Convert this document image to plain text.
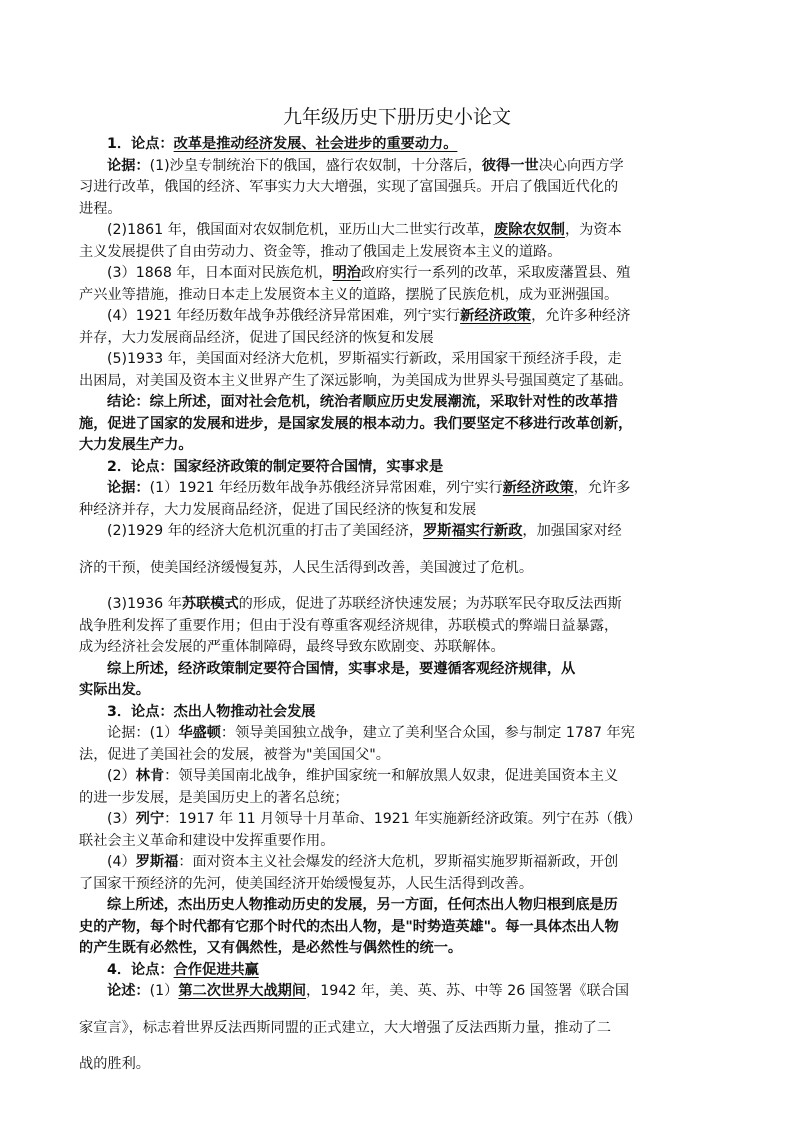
九年级历史下册历史小论文
1．论点：改革是推动经济发展、社会进步的重要动力。
论据：(1)沙皇专制统治下的俄国，盛行农奴制，十分落后，彼得一世决心向西方学
习进行改革，俄国的经济、军事实力大大增强，实现了富国强兵。开启了俄国近代化的
进程。
(2)1861 年，俄国面对农奴制危机，亚历山大二世实行改革，废除农奴制，为资本
主义发展提供了自由劳动力、资金等，推动了俄国走上发展资本主义的道路。
(3）1868 年，日本面对民族危机，明治政府实行一系列的改革，采取废藩置县、殖
产兴业等措施，推动日本走上发展资本主义的道路，摆脱了民族危机，成为亚洲强国。
(4）1921 年经历数年战争苏俄经济异常困难，列宁实行新经济政策，允许多种经济
并存，大力发展商品经济，促进了国民经济的恢复和发展
(5)1933 年，美国面对经济大危机，罗斯福实行新政，采用国家干预经济手段，走
出困局，对美国及资本主义世界产生了深远影响，为美国成为世界头号强国奠定了基础。
结论：综上所述，面对社会危机，统治者顺应历史发展潮流，采取针对性的改革措
施，促进了国家的发展和进步，是国家发展的根本动力。我们要坚定不移进行改革创新，
大力发展生产力。
2．论点：国家经济政策的制定要符合国情，实事求是
论据：(1）1921 年经历数年战争苏俄经济异常困难，列宁实行新经济政策，允许多
种经济并存，大力发展商品经济，促进了国民经济的恢复和发展
(2)1929 年的经济大危机沉重的打击了美国经济，罗斯福实行新政，加强国家对经
济的干预，使美国经济缓慢复苏，人民生活得到改善，美国渡过了危机。
(3)1936 年苏联模式的形成，促进了苏联经济快速发展；为苏联军民夺取反法西斯
战争胜利发挥了重要作用；但由于没有尊重客观经济规律，苏联模式的弊端日益暴露，
成为经济社会发展的严重体制障碍，最终导致东欧剧变、苏联解体。
综上所述，经济政策制定要符合国情，实事求是，要遵循客观经济规律，从
实际出发。
3．论点：杰出人物推动社会发展
论据：(1）华盛顿：领导美国独立战争，建立了美利坚合众国，参与制定 1787 年宪
法，促进了美国社会的发展，被誉为"美国国父"。
(2）林肯：领导美国南北战争，维护国家统一和解放黑人奴隶，促进美国资本主义
的进一步发展，是美国历史上的著名总统；
(3）列宁：1917 年 11 月领导十月革命、1921 年实施新经济政策。列宁在苏（俄）
联社会主义革命和建设中发挥重要作用。
(4）罗斯福：面对资本主义社会爆发的经济大危机，罗斯福实施罗斯福新政，开创
了国家干预经济的先河，使美国经济开始缓慢复苏，人民生活得到改善。
综上所述，杰出历史人物推动历史的发展，另一方面，任何杰出人物归根到底是历
史的产物，每个时代都有它那个时代的杰出人物，是"时势造英雄"。每一具体杰出人物
的产生既有必然性，又有偶然性，是必然性与偶然性的统一。
4．论点：合作促进共赢
论述：(1）第二次世界大战期间，1942 年，美、英、苏、中等 26 国签署《联合国
家宣言》，标志着世界反法西斯同盟的正式建立，大大增强了反法西斯力量，推动了二
战的胜利。
